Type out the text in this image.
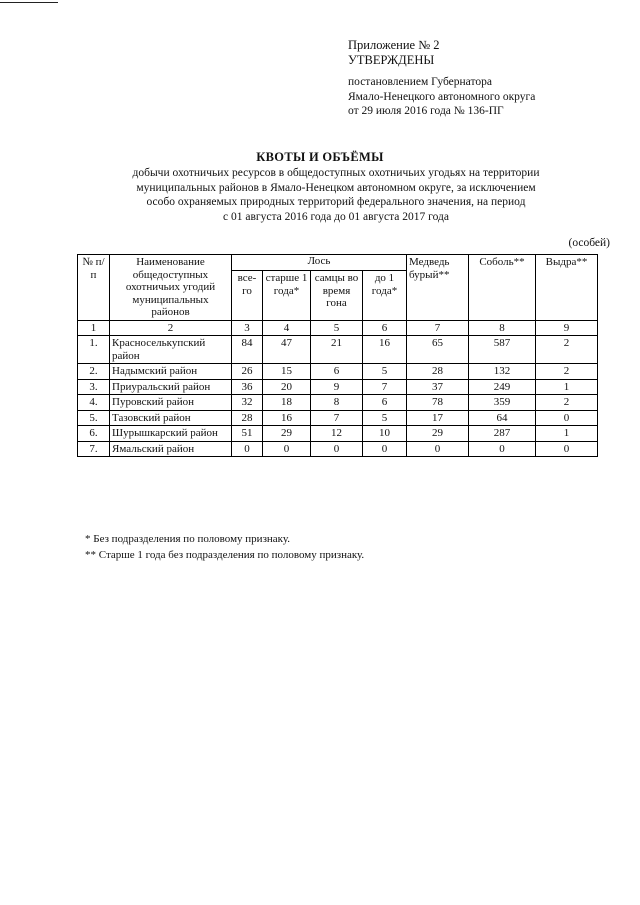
Приложение № 2
УТВЕРЖДЕНЫ
постановлением Губернатора
Ямало-Ненецкого автономного округа
от 29 июля 2016 года № 136-ПГ
КВОТЫ И ОБЪЁМЫ
добычи охотничьих ресурсов в общедоступных охотничьих угодьях на территории
муниципальных районов в Ямало-Ненецком автономном округе, за исключением
особо охраняемых природных территорий федерального значения, на период
с 01 августа 2016 года до 01 августа 2017 года
(особей)
№ п/п	Наименование общедоступных охотничьих угодий муниципальных районов	Лось				Медведь бурый**	Соболь**	Выдра**
		все-го	старше 1 года*	самцы во время гона	до 1 года*			
1	2	3	4	5	6	7	8	9
1.	Красноселькупский район	84	47	21	16	65	587	2
2.	Надымский район	26	15	6	5	28	132	2
3.	Приуральский район	36	20	9	7	37	249	1
4.	Пуровский район	32	18	8	6	78	359	2
5.	Тазовский район	28	16	7	5	17	64	0
6.	Шурышкарский район	51	29	12	10	29	287	1
7.	Ямальский район	0	0	0	0	0	0	0
* Без подразделения по половому признаку.
** Старше 1 года без подразделения по половому признаку.
